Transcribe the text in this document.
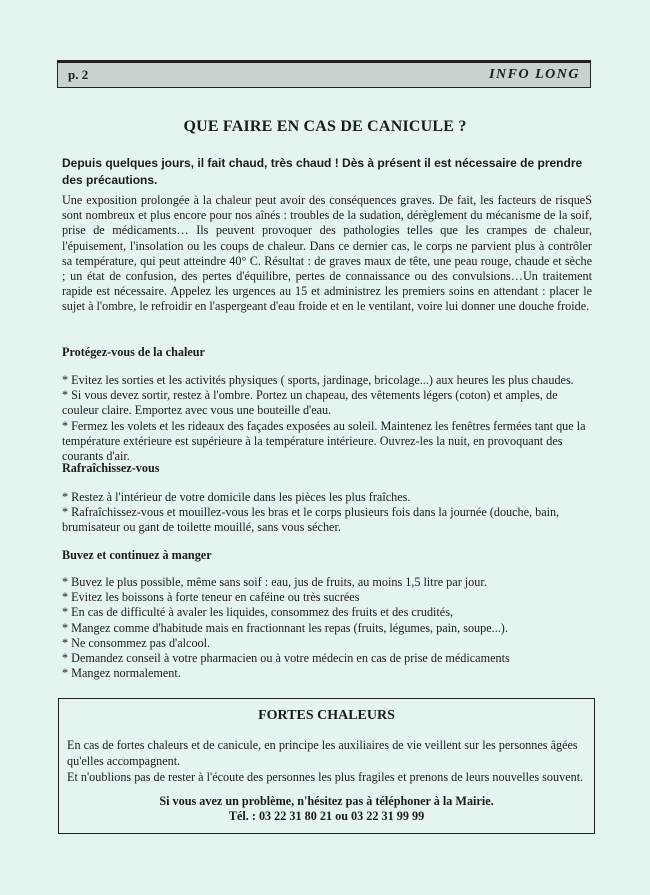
p. 2	INFO LONG
QUE FAIRE EN CAS DE CANICULE ?
Depuis quelques jours, il fait chaud, très chaud ! Dès à présent il est nécessaire de prendre des précautions.

Une exposition prolongée à la chaleur peut avoir des conséquences graves. De fait, les facteurs de risqueS sont nombreux et plus encore pour nos aînés : troubles de la sudation, dérèglement du mécanisme de la soif, prise de médicaments… Ils peuvent provoquer des pathologies telles que les crampes de chaleur, l'épuisement, l'insolation ou les coups de chaleur. Dans ce dernier cas, le corps ne parvient plus à contrôler sa température, qui peut atteindre 40° C. Résultat : de graves maux de tête, une peau rouge, chaude et sèche ; un état de confusion, des pertes d'équilibre, pertes de connaissance ou des convulsions…Un traitement rapide est nécessaire. Appelez les urgences au 15 et administrez les premiers soins en attendant : placer le sujet à l'ombre, le refroidir en l'aspergeant d'eau froide et en le ventilant, voire lui donner une douche froide.

Protégez-vous de la chaleur
* Evitez les sorties et les activités physiques ( sports, jardinage, bricolage...) aux heures les plus chaudes.
* Si vous devez sortir, restez à l'ombre. Portez un chapeau, des vêtements légers (coton) et amples, de couleur claire. Emportez avec vous une bouteille d'eau.
* Fermez les volets et les rideaux des façades exposées au soleil. Maintenez les fenêtres fermées tant que la température extérieure est supérieure à la température intérieure. Ouvrez-les la nuit, en provoquant des courants d'air.
Rafraîchissez-vous
* Restez à l'intérieur de votre domicile dans les pièces les plus fraîches.
* Rafraîchissez-vous et mouillez-vous les bras et le corps plusieurs fois dans la journée (douche, bain, brumisateur ou gant de toilette mouillé, sans vous sécher.
Buvez et continuez à manger
* Buvez le plus possible, même sans soif : eau, jus de fruits, au moins 1,5 litre par jour.
* Evitez les boissons à forte teneur en caféine ou très sucrées
* En cas de difficulté à avaler les liquides, consommez des fruits et des crudités,
* Mangez comme d'habitude mais en fractionnant les repas (fruits, légumes, pain, soupe...).
* Ne consommez pas d'alcool.
* Demandez conseil à votre pharmacien ou à votre médecin en cas de prise de médicaments
* Mangez normalement.
FORTES CHALEURS

En cas de fortes chaleurs et de canicule, en principe les auxiliaires de vie veillent sur les personnes âgées qu'elles accompagnent.

Et n'oublions pas de rester à l'écoute des personnes les plus fragiles et prenons de leurs nouvelles souvent.

Si vous avez un problème, n'hésitez pas à téléphoner à la Mairie.
Tél. : 03 22 31 80 21 ou 03 22 31 99 99
